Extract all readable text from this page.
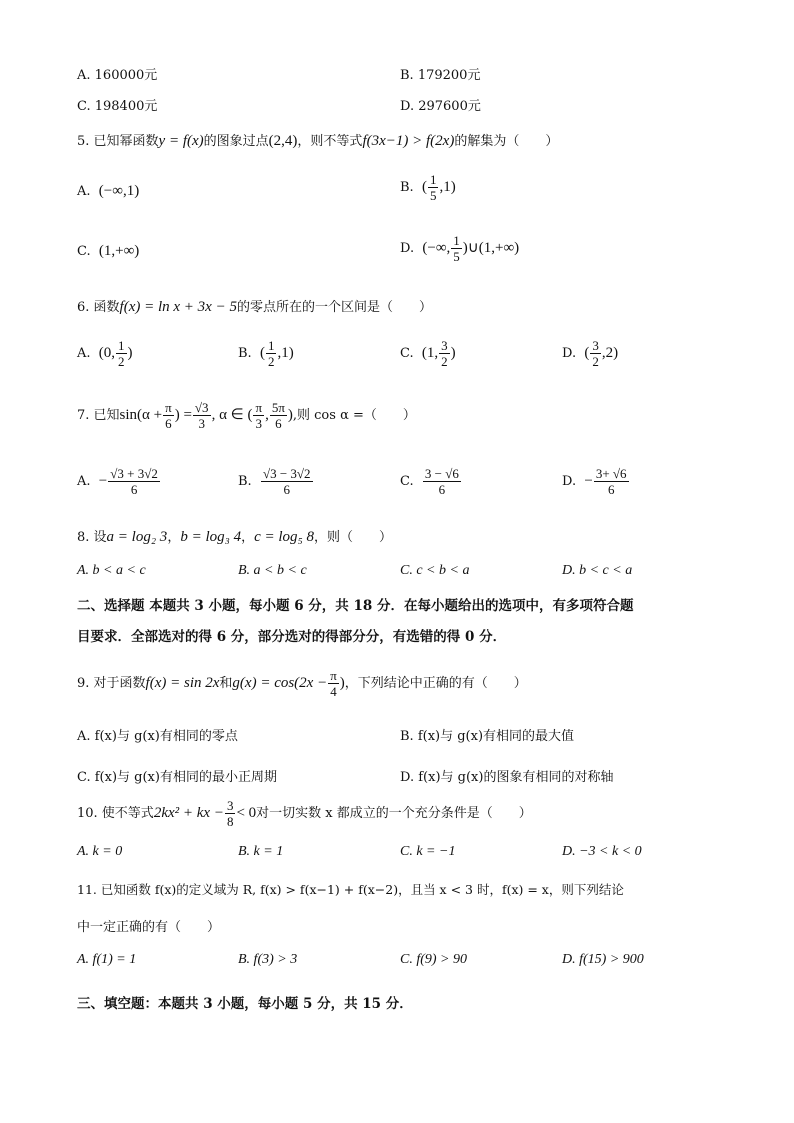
A. 160000元	B. 179200元
C. 198400元	D. 297600元
5. 已知幂函数y = f(x)的图象过点(2,4)，则不等式f(3x−1) > f(2x)的解集为（　　）
A. (−∞,1)	B. ( $\frac{1}{5} ,1$)
C. (1,+∞)	D. (−∞, $\frac{1}{5}$ )∪(1,+∞)
6. 函数f(x) = ln x + 3x − 5的零点所在的一个区间是（　　）
A. (0, $\frac{1}{2}$ )	B. ( $\frac{1}{2} ,1$)	C. (1, $\frac{3}{2}$ )	D. ( $\frac{3}{2} ,2$)
7. 已知$\sin(\alpha + \frac{\pi}{6}$ ) = $\frac{√3}{3}$ , α ∈ ( $\frac{\pi}{3}$ , $\frac{5\pi}{6}$ ),则 cos α =（　　）
A. − $\frac{√3 + 3√2}{6}$	B. $\frac{√3 - 3√2}{6}$	C. $\frac{3 - √6}{6}$	D. − $\frac{3+ √6}{6}$
8. 设a = log₂ 3，b = log₃ 4，c = log₅ 8，则（　　）
A. b < a < c	B. a < b < c	C. c < b < a	D. b < c < a
二、选择题 本题共 3 小题，每小题 6 分，共 18 分．在每小题给出的选项中，有多项符合题
目要求．全部选对的得 6 分，部分选对的得部分分，有选错的得 0 分．
9. 对于函数f(x) = sin 2x和$g(x) = \cos(2x - \frac{\pi}{4}$ )，下列结论中正确的有（　　）
A. f(x)与 g(x)有相同的零点	B. f(x)与 g(x)有相同的最大值
C. f(x)与 g(x)有相同的最小正周期	D. f(x)与 g(x)的图象有相同的对称轴
10. 使不等式2kx² + kx − $\frac{3}{8} < 0$对一切实数 x 都成立的一个充分条件是（　　）
A. k = 0	B. k = 1	C. k = −1	D. −3 < k < 0
11. 已知函数 f(x)的定义域为 R, f(x) > f(x−1) + f(x−2)，且当 x < 3 时，f(x) = x，则下列结论
中一定正确的有（　　）
A. f(1) = 1	B. f(3) > 3	C. f(9) > 90	D. f(15) > 900
三、填空题：本题共 3 小题，每小题 5 分，共 15 分．
